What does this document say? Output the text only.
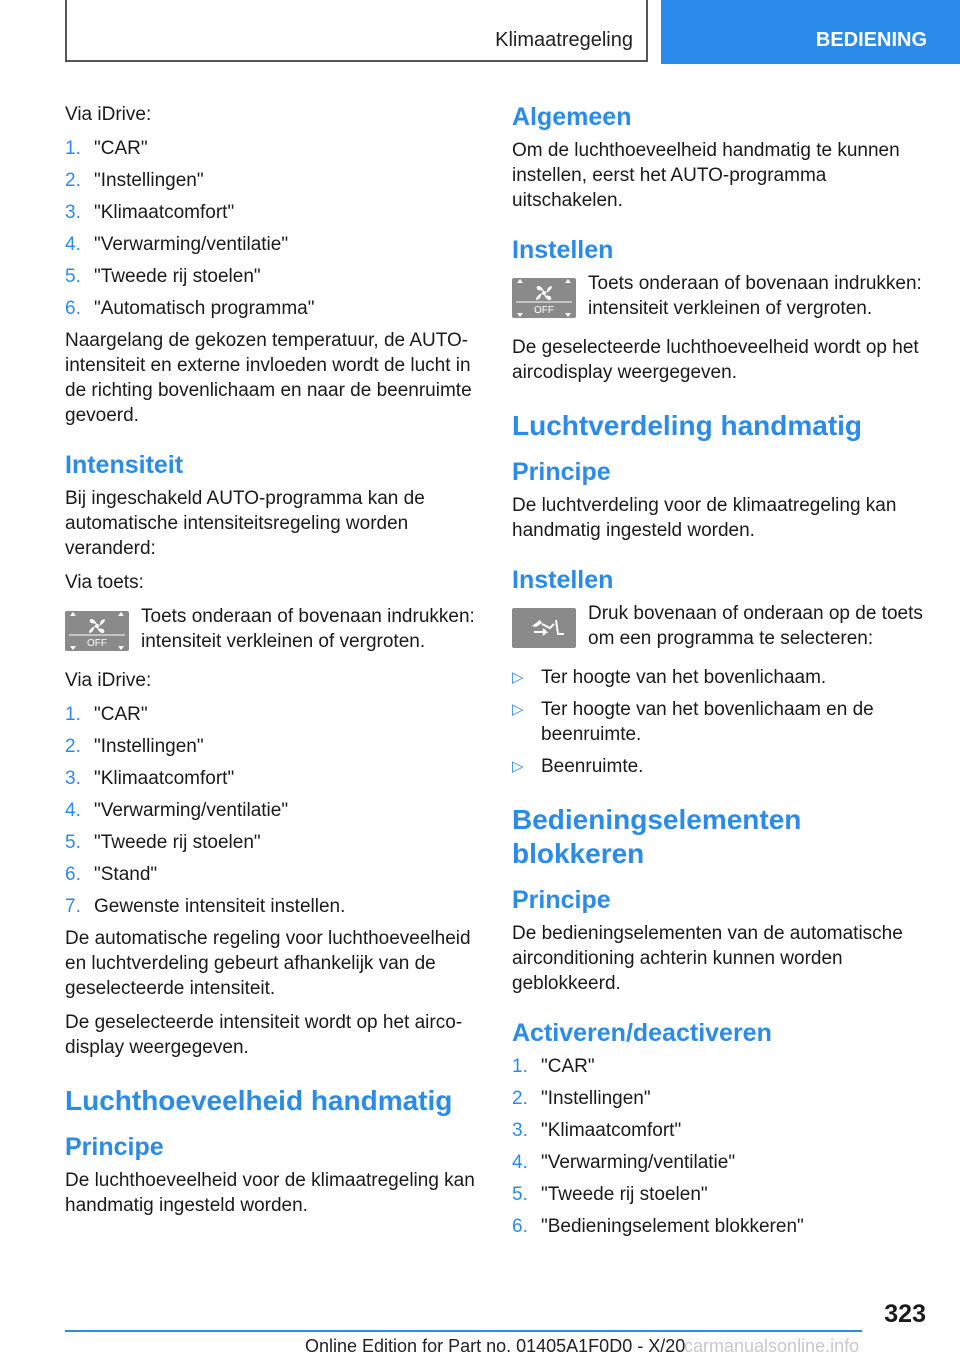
Klimaatregeling	BEDIENING

Via iDrive:

1. "CAR"
2. "Instellingen"
3. "Klimaatcomfort"
4. "Verwarming/ventilatie"
5. "Tweede rij stoelen"
6. "Automatisch programma"

Naargelang de gekozen temperatuur, de AUTO-intensiteit en externe invloeden wordt de lucht in de richting bovenlichaam en naar de beenruimte gevoerd.

Intensiteit

Bij ingeschakeld AUTO-programma kan de automatische intensiteitsregeling worden veranderd:

Via toets:

OFF

Toets onderaan of bovenaan indrukken: intensiteit verkleinen of vergroten.

Via iDrive:

1. "CAR"
2. "Instellingen"
3. "Klimaatcomfort"
4. "Verwarming/ventilatie"
5. "Tweede rij stoelen"
6. "Stand"
7. Gewenste intensiteit instellen.

De automatische regeling voor luchthoeveelheid en luchtverdeling gebeurt afhankelijk van de geselecteerde intensiteit.

De geselecteerde intensiteit wordt op het aircodisplay weergegeven.

Luchthoeveelheid handmatig
Principe

De luchthoeveelheid voor de klimaatregeling kan handmatig ingesteld worden.

Algemeen

Om de luchthoeveelheid handmatig te kunnen instellen, eerst het AUTO-programma uitschakelen.

Instellen
OFF

Toets onderaan of bovenaan indrukken: intensiteit verkleinen of vergroten.

De geselecteerde luchthoeveelheid wordt op het aircodisplay weergegeven.

Luchtverdeling handmatig
Principe

De luchtverdeling voor de klimaatregeling kan handmatig ingesteld worden.

Instellen

Druk bovenaan of onderaan op de toets om een programma te selecteren:

▷ Ter hoogte van het bovenlichaam.
▷ Ter hoogte van het bovenlichaam en de beenruimte.
▷ Beenruimte.
Bedieningselementen blokkeren
Principe

De bedieningselementen van de automatische airconditioning achterin kunnen worden geblokkeerd.

Activeren/deactiveren
1. "CAR"
2. "Instellingen"
3. "Klimaatcomfort"
4. "Verwarming/ventilatie"
5. "Tweede rij stoelen"
6. "Bedieningselement blokkeren"
323
Online Edition for Part no. 01405A1F0D0 - X/20
carmanualsonline.info
